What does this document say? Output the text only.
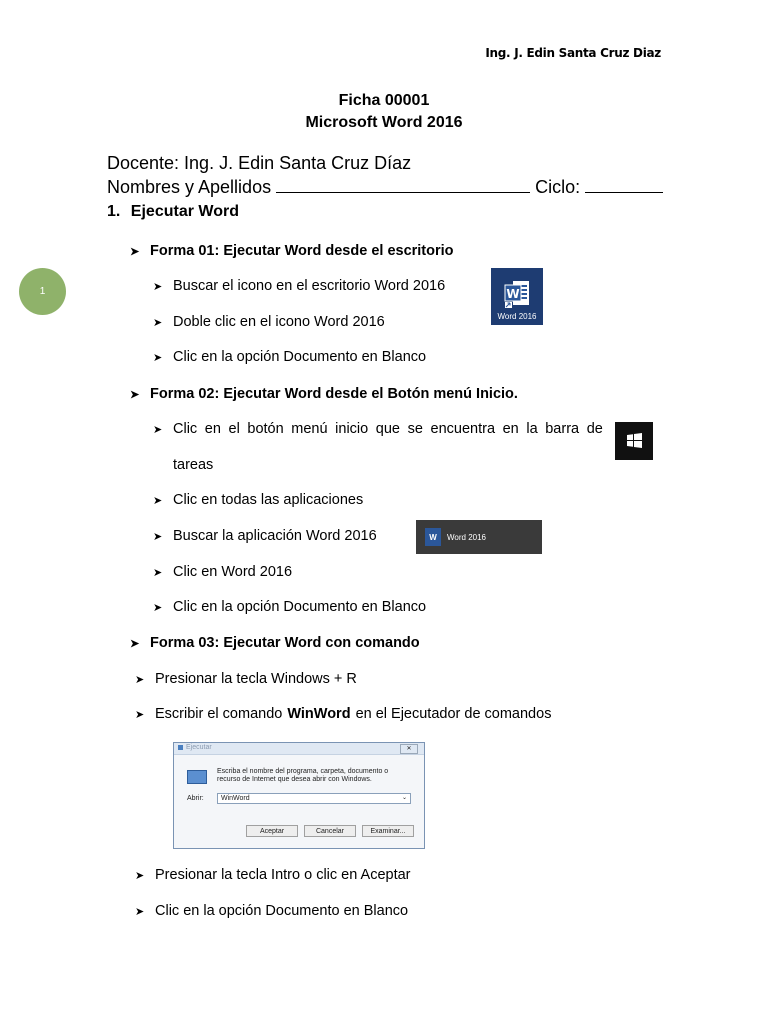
Ing. J. Edin Santa Cruz Diaz
Ficha 00001
Microsoft Word 2016
1
Docente: Ing. J. Edin Santa Cruz Díaz
Nombres y Apellidos	Ciclo:
1. Ejecutar Word
➤ Forma 01: Ejecutar Word desde el escritorio
➤ Buscar el icono en el escritorio Word 2016
➤ Doble clic en el icono Word 2016
➤ Clic en la opción Documento en Blanco
W
Word 2016
➤ Forma 02: Ejecutar Word desde el Botón menú Inicio.
➤ Clic en el botón menú inicio que se encuentra en la barra de
tareas
➤ Clic en todas las aplicaciones
➤ Buscar la aplicación Word 2016
➤ Clic en Word 2016
➤ Clic en la opción Documento en Blanco
W	Word 2016
➤ Forma 03: Ejecutar Word con comando
➤ Presionar la tecla Windows + R
➤ Escribir el comando WinWord en el Ejecutador de comandos
Ejecutar	✕
Escriba el nombre del programa, carpeta, documento o
recurso de Internet que desea abrir con Windows.
Abrir: WinWord	⌄
Aceptar	Cancelar	Examinar...
➤ Presionar la tecla Intro o clic en Aceptar
➤ Clic en la opción Documento en Blanco
